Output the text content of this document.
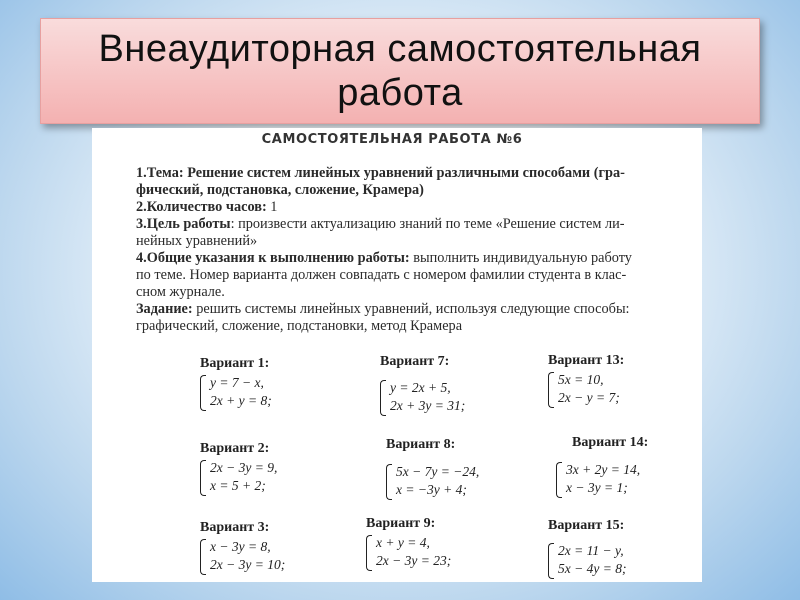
Внеаудиторная самостоятельная
работа
САМОСТОЯТЕЛЬНАЯ РАБОТА №6
1.Тема: Решение систем линейных уравнений различными способами (гра-
фический, подстановка, сложение, Крамера)
2.Количество часов: 1
3.Цель работы: произвести актуализацию знаний по теме «Решение систем ли-
нейных уравнений»
4.Общие указания к выполнению работы: выполнить индивидуальную работу
по теме. Номер варианта должен совпадать с номером фамилии студента в клас-
сном журнале.
Задание: решить системы линейных уравнений, используя следующие способы:
графический, сложение, подстановки, метод Крамера
Вариант 1:
y = 7 − x,
2x + y = 8;
Вариант 7:
y = 2x + 5,
2x + 3y = 31;
Вариант 13:
5x = 10,
2x − y = 7;
Вариант 2:
2x − 3y = 9,
x = 5 + 2;
Вариант 8:
5x − 7y = −24,
x = −3y + 4;
Вариант 14:
3x + 2y = 14,
x − 3y = 1;
Вариант 3:
x − 3y = 8,
2x − 3y = 10;
Вариант 9:
x + y = 4,
2x − 3y = 23;
Вариант 15:
2x = 11 − y,
5x − 4y = 8;
